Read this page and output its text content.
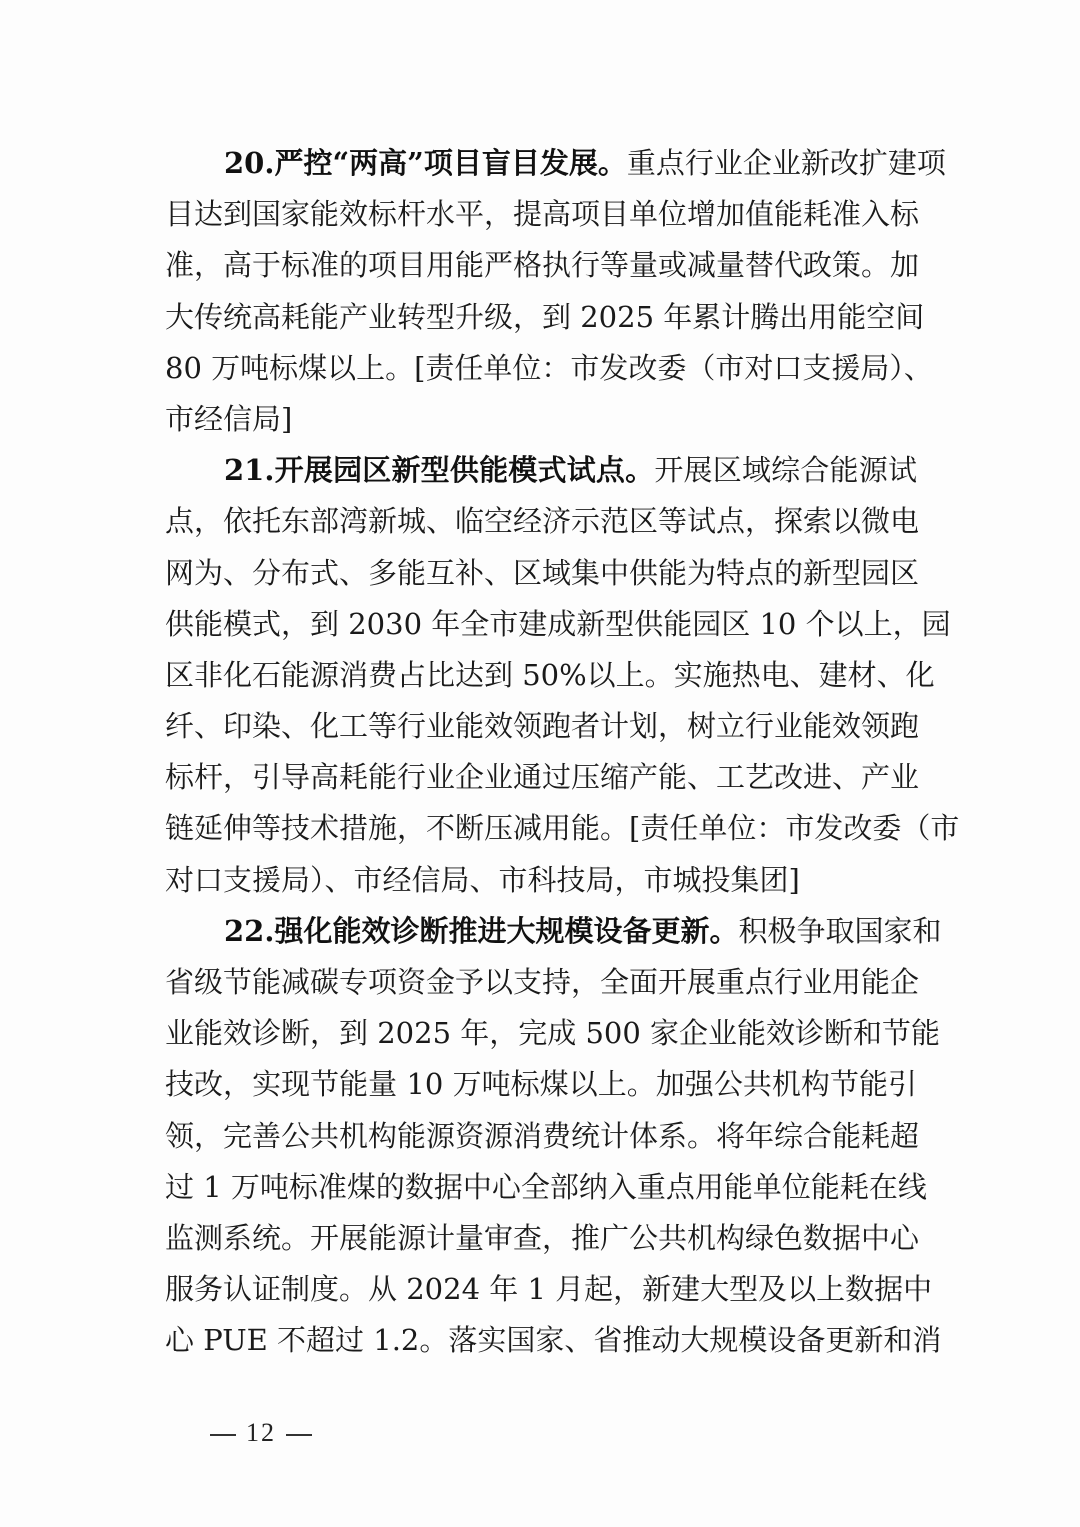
20.严控“两高”项目盲目发展。重点行业企业新改扩建项
目达到国家能效标杆水平，提高项目单位增加值能耗准入标
准，高于标准的项目用能严格执行等量或减量替代政策。加
大传统高耗能产业转型升级，到 2025 年累计腾出用能空间
80 万吨标煤以上。[责任单位：市发改委（市对口支援局）、
市经信局]
21.开展园区新型供能模式试点。开展区域综合能源试
点，依托东部湾新城、临空经济示范区等试点，探索以微电
网为、分布式、多能互补、区域集中供能为特点的新型园区
供能模式，到 2030 年全市建成新型供能园区 10 个以上，园
区非化石能源消费占比达到 50%以上。实施热电、建材、化
纤、印染、化工等行业能效领跑者计划，树立行业能效领跑
标杆，引导高耗能行业企业通过压缩产能、工艺改进、产业
链延伸等技术措施，不断压减用能。[责任单位：市发改委（市
对口支援局）、市经信局、市科技局，市城投集团]
22.强化能效诊断推进大规模设备更新。积极争取国家和
省级节能减碳专项资金予以支持，全面开展重点行业用能企
业能效诊断，到 2025 年，完成 500 家企业能效诊断和节能
技改，实现节能量 10 万吨标煤以上。加强公共机构节能引
领，完善公共机构能源资源消费统计体系。将年综合能耗超
过 1 万吨标准煤的数据中心全部纳入重点用能单位能耗在线
监测系统。开展能源计量审查，推广公共机构绿色数据中心
服务认证制度。从 2024 年 1 月起，新建大型及以上数据中
心 PUE 不超过 1.2。落实国家、省推动大规模设备更新和消
12
